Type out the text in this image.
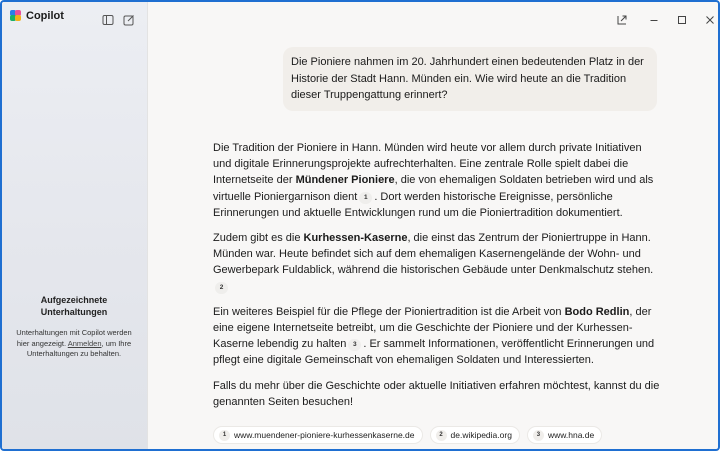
Copilot
Aufgezeichnete Unterhaltungen
Unterhaltungen mit Copilot werden hier angezeigt. Anmelden, um Ihre Unterhaltungen zu behalten.
Die Pioniere nahmen im 20. Jahrhundert einen bedeutenden Platz in der Historie der Stadt Hann. Münden ein. Wie wird heute an die Tradition dieser Truppengattung erinnert?

Die Tradition der Pioniere in Hann. Münden wird heute vor allem durch private Initiativen und digitale Erinnerungsprojekte aufrechterhalten. Eine zentrale Rolle spielt dabei die Internetseite der Mündener Pioniere, die von ehemaligen Soldaten betrieben wird und als virtuelle Pioniergarnison dient 1 . Dort werden historische Ereignisse, persönliche Erinnerungen und aktuelle Entwicklungen rund um die Pioniertradition dokumentiert.

Zudem gibt es die Kurhessen-Kaserne, die einst das Zentrum der Pioniertruppe in Hann. Münden war. Heute befindet sich auf dem ehemaligen Kasernengelände der Wohn- und Gewerbepark Fuldablick, während die historischen Gebäude unter Denkmalschutz stehen.2

Ein weiteres Beispiel für die Pflege der Pioniertradition ist die Arbeit von Bodo Redlin, der eine eigene Internetseite betreibt, um die Geschichte der Pioniere und der Kurhessen-Kaserne lebendig zu halten 3 . Er sammelt Informationen, veröffentlicht Erinnerungen und pflegt eine digitale Gemeinschaft von ehemaligen Soldaten und Interessierten.

Falls du mehr über die Geschichte oder aktuelle Initiativen erfahren möchtest, kannst du die genannten Seiten besuchen!

1 www.muendener-pioniere-kurhessenkaserne.de	2 de.wikipedia.org	3 www.hna.de
